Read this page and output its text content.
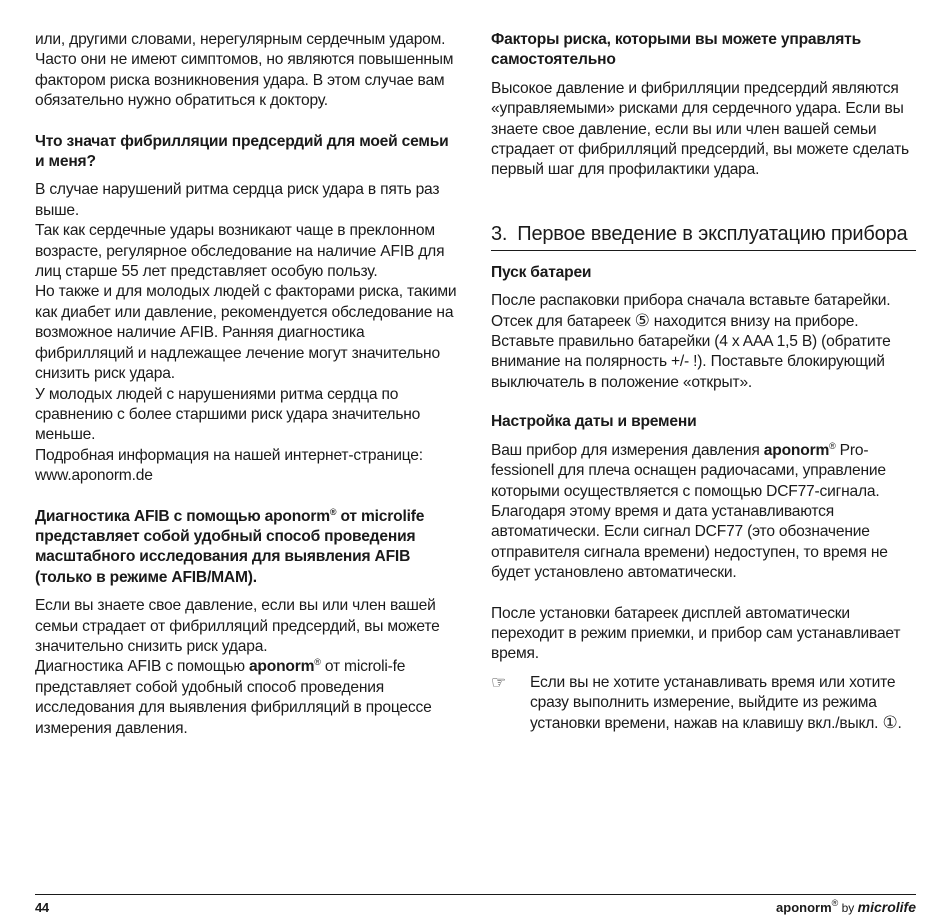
или, другими словами, нерегулярным сердечным ударом. Часто они не имеют симптомов, но являются повышенным фактором риска возникновения удара. В этом случае вам обязательно нужно обратиться к доктору.

Что значат фибрилляции предсердий для моей семьи и меня?

В случае нарушений ритма сердца риск удара в пять раз выше.

Так как сердечные удары возникают чаще в преклонном возрасте, регулярное обследование на наличие AFIB для лиц старше 55 лет представляет особую пользу.

Но также и для молодых людей с факторами риска, такими как диабет или давление, рекомендуется обследование на возможное наличие AFIB. Ранняя диагностика фибрилляций и надлежащее лечение могут значительно снизить риск удара.

У молодых людей с нарушениями ритма сердца по сравнению с более старшими риск удара значительно меньше.

Подробная информация на нашей интернет-странице: www.aponorm.de

Диагностика AFIB с помощью aponorm® от microlife представляет собой удобный способ проведения масштабного исследования для выявления AFIB (только в режиме AFIB/MAM).

Если вы знаете свое давление, если вы или член вашей семьи страдает от фибрилляций предсердий, вы можете значительно снизить риск удара.

Диагностика AFIB с помощью aponorm® от microli-fe представляет собой удобный способ проведения исследования для выявления фибрилляций в процессе измерения давления.

Факторы риска, которыми вы можете управлять самостоятельно

Высокое давление и фибрилляции предсердий являются «управляемыми» рисками для сердечного удара. Если вы знаете свое давление, если вы или член вашей семьи страдает от фибрилляций предсердий, вы можете сделать первый шаг для профилактики удара.

3. Первое введение в эксплуатацию прибора
Пуск батареи

После распаковки прибора сначала вставьте батарейки. Отсек для батареек ⑤ находится внизу на приборе. Вставьте правильно батарейки (4 x AAA 1,5 В) (обратите внимание на полярность +/- !). Поставьте блокирующий выключатель в положение «открыт».

Настройка даты и времени

Ваш прибор для измерения давления aponorm® Pro-fessionell для плеча оснащен радиочасами, управление которыми осуществляется с помощью DCF77-сигнала. Благодаря этому время и дата устанавливаются автоматически. Если сигнал DCF77 (это обозначение отправителя сигнала времени) недоступен, то время не будет установлено автоматически.

После установки батареек дисплей автоматически переходит в режим приемки, и прибор сам устанавливает время.

☞ Если вы не хотите устанавливать время или хотите сразу выполнить измерение, выйдите из режима установки времени, нажав на клавишу вкл./выкл. ①.

44	aponorm® by microlife
